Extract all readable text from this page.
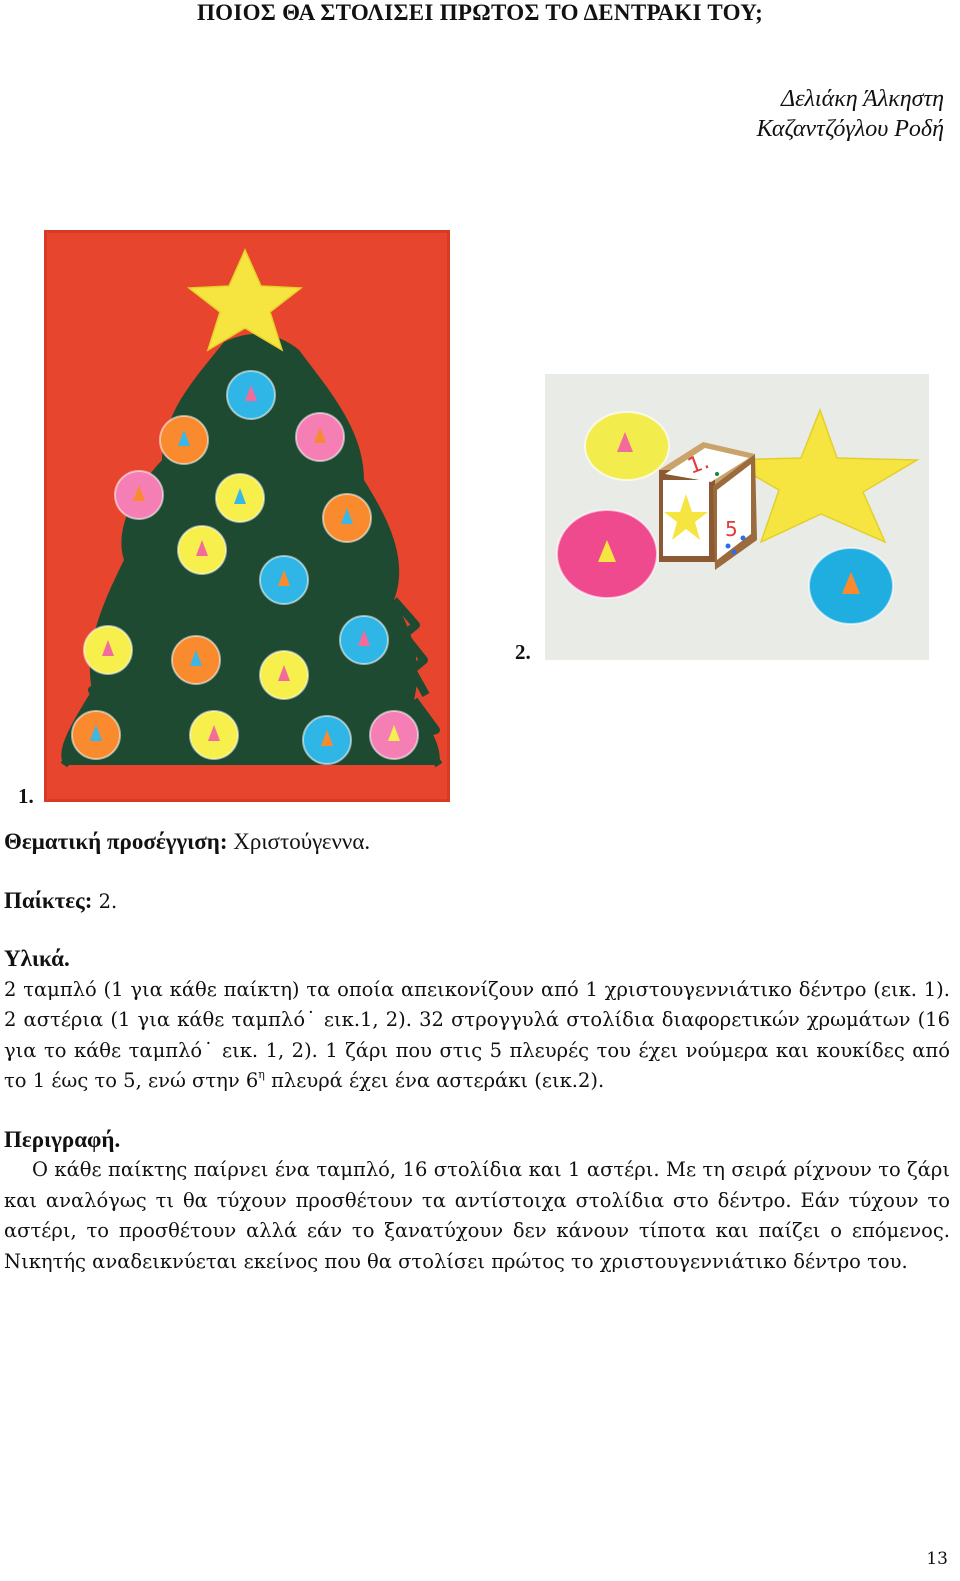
ΠΟΙΟΣ ΘΑ ΣΤΟΛΙΣΕΙ ΠΡΩΤΟΣ ΤΟ ΔΕΝΤΡΑΚΙ ΤΟΥ;
Δελιάκη Άλκηστη
Καζαντζόγλου Ροδή
1.
5
2.
1.

Θεματική προσέγγιση: Χριστούγεννα.

Παίκτες: 2.

Υλικά.

2 ταμπλό (1 για κάθε παίκτη) τα οποία απεικονίζουν από 1 χριστουγεννιάτικο δέντρο (εικ. 1). 2 αστέρια (1 για κάθε ταμπλό˙ εικ.1, 2). 32 στρογγυλά στολίδια διαφορετικών χρωμάτων (16 για το κάθε ταμπλό˙ εικ. 1, 2). 1 ζάρι που στις 5 πλευρές του έχει νούμερα και κουκίδες από το 1 έως το 5, ενώ στην $6^\eta$ πλευρά έχει ένα αστεράκι (εικ.2).

Περιγραφή.

Ο κάθε παίκτης παίρνει ένα ταμπλό, 16 στολίδια και 1 αστέρι. Με τη σειρά ρίχνουν το ζάρι και αναλόγως τι θα τύχουν προσθέτουν τα αντίστοιχα στολίδια στο δέντρο. Εάν τύχουν το αστέρι, το προσθέτουν αλλά εάν το ξανατύχουν δεν κάνουν τίποτα και παίζει ο επόμενος. Νικητής αναδεικνύεται εκείνος που θα στολίσει πρώτος το χριστουγεννιάτικο δέντρο του.

13
